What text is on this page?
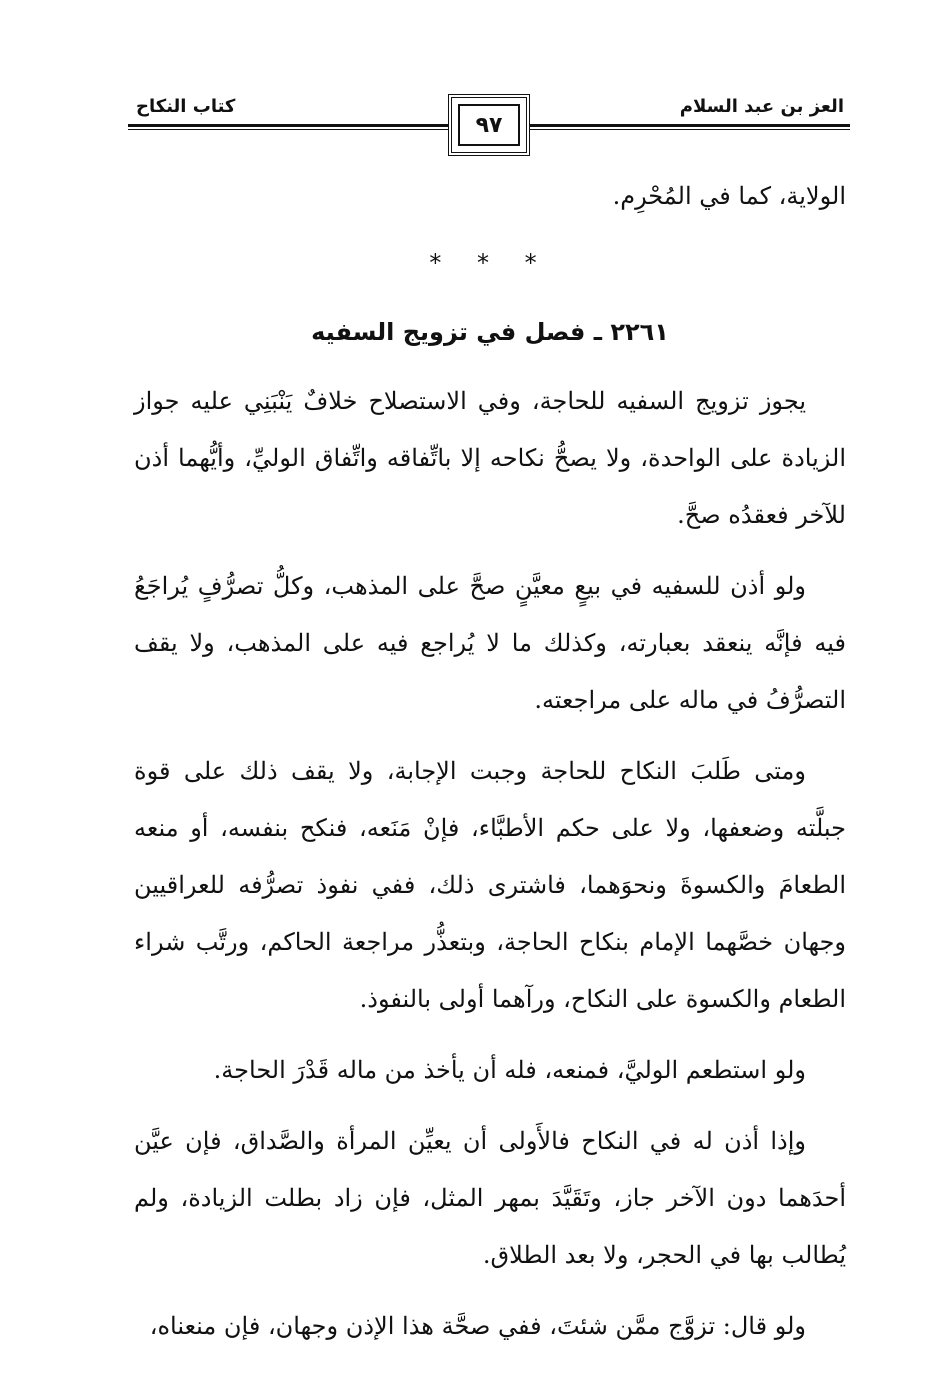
كتاب النكاح	العز بن عبد السلام
٩٧

الولاية، كما في المُحْرِم.

* * *
٢٢٦١ ـ فصل في تزويج السفيه

يجوز تزويج السفيه للحاجة، وفي الاستصلاح خلافٌ يَنْبَنِي عليه جواز الزيادة على الواحدة، ولا يصحُّ نكاحه إلا باتِّفاقه واتِّفاق الوليِّ، وأيُّهما أذن للآخر فعقدُه صحَّ.

ولو أذن للسفيه في بيعٍ معيَّنٍ صحَّ على المذهب، وكلُّ تصرُّفٍ يُراجَعُ فيه فإنَّه ينعقد بعبارته، وكذلك ما لا يُراجع فيه على المذهب، ولا يقف التصرُّفُ في ماله على مراجعته.

ومتى طَلبَ النكاح للحاجة وجبت الإجابة، ولا يقف ذلك على قوة جبلَّته وضعفها، ولا على حكم الأطبَّاء، فإنْ مَنَعه، فنكح بنفسه، أو منعه الطعامَ والكسوةَ ونحوَهما، فاشترى ذلك، ففي نفوذ تصرُّفه للعراقيين وجهان خصَّهما الإمام بنكاح الحاجة، وبتعذُّر مراجعة الحاكم، ورتَّب شراء الطعام والكسوة على النكاح، ورآهما أولى بالنفوذ.

ولو استطعم الوليَّ، فمنعه، فله أن يأخذ من ماله قَدْرَ الحاجة.

وإذا أذن له في النكاح فالأَولى أن يعيِّن المرأة والصَّداق، فإن عيَّن أحدَهما دون الآخر جاز، وتَقَيَّدَ بمهر المثل، فإن زاد بطلت الزيادة، ولم يُطالب بها في الحجر، ولا بعد الطلاق.

ولو قال: تزوَّج ممَّن شئتَ، ففي صحَّة هذا الإذن وجهان، فإن منعناه،
